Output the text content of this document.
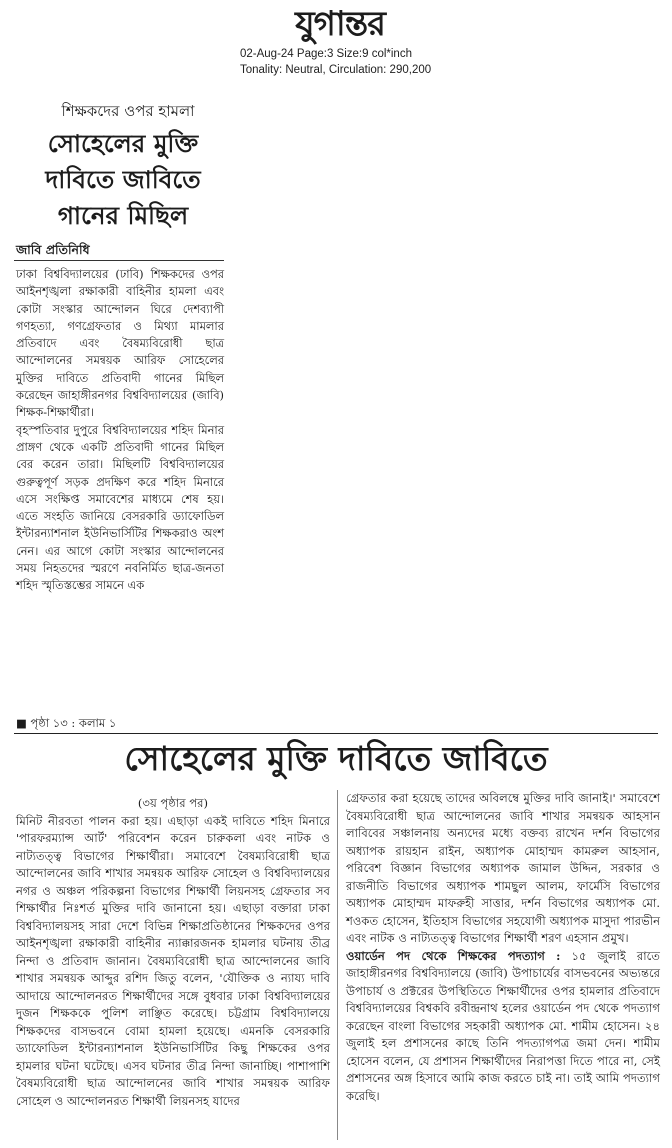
যুগান্তর
02-Aug-24 Page:3 Size:9 col*inch
Tonality: Neutral, Circulation: 290,200
শিক্ষকদের ওপর হামলা
সোহেলের মুক্তি
দাবিতে জাবিতে
গানের মিছিল
জাবি প্রতিনিধি

ঢাকা বিশ্ববিদ্যালয়ের (ঢাবি) শিক্ষকদের ওপর আইনশৃঙ্খলা রক্ষাকারী বাহিনীর হামলা এবং কোটা সংস্কার আন্দোলন ঘিরে দেশব্যাপী গণহত্যা, গণগ্রেফতার ও মিথ্যা মামলার প্রতিবাদে এবং বৈষম্যবিরোধী ছাত্র আন্দোলনের সমন্বয়ক আরিফ সোহেলের মুক্তির দাবিতে প্রতিবাদী গানের মিছিল করেছেন জাহাঙ্গীরনগর বিশ্ববিদ্যালয়ের (জাবি) শিক্ষক-শিক্ষার্থীরা।

বৃহস্পতিবার দুপুরে বিশ্ববিদ্যালয়ের শহিদ মিনার প্রাঙ্গণ থেকে একটি প্রতিবাদী গানের মিছিল বের করেন তারা। মিছিলটি বিশ্ববিদ্যালয়ের গুরুত্বপূর্ণ সড়ক প্রদক্ষিণ করে শহিদ মিনারে এসে সংক্ষিপ্ত সমাবেশের মাধ্যমে শেষ হয়। এতে সংহতি জানিয়ে বেসরকারি ড্যাফোডিল ইন্টারন্যাশনাল ইউনিভার্সিটির শিক্ষকরাও অংশ নেন। এর আগে কোটা সংস্কার আন্দোলনের সময় নিহতদের স্মরণে নবনির্মিত ছাত্র-জনতা শহিদ স্মৃতিস্তম্ভের সামনে এক

■ পৃষ্ঠা ১৩ : কলাম ১
সোহেলের মুক্তি দাবিতে জাবিতে

(৩য় পৃষ্ঠার পর)

মিনিট নীরবতা পালন করা হয়। এছাড়া একই দাবিতে শহিদ মিনারে 'পারফরম্যান্স আর্ট' পরিবেশন করেন চারুকলা এবং নাটক ও নাট্যতত্ত্ব বিভাগের শিক্ষার্থীরা। সমাবেশে বৈষম্যবিরোধী ছাত্র আন্দোলনের জাবি শাখার সমন্বয়ক আরিফ সোহেল ও বিশ্ববিদ্যালয়ের নগর ও অঞ্চল পরিকল্পনা বিভাগের শিক্ষার্থী লিয়নসহ গ্রেফতার সব শিক্ষার্থীর নিঃশর্ত মুক্তির দাবি জানানো হয়। এছাড়া বক্তারা ঢাকা বিশ্ববিদ্যালয়সহ সারা দেশে বিভিন্ন শিক্ষাপ্রতিষ্ঠানের শিক্ষকদের ওপর আইনশৃঙ্খলা রক্ষাকারী বাহিনীর ন্যাক্কারজনক হামলার ঘটনায় তীব্র নিন্দা ও প্রতিবাদ জানান। বৈষম্যবিরোধী ছাত্র আন্দোলনের জাবি শাখার সমন্বয়ক আব্দুর রশিদ জিতু বলেন, 'যৌক্তিক ও ন্যায্য দাবি আদায়ে আন্দোলনরত শিক্ষার্থীদের সঙ্গে বুধবার ঢাকা বিশ্ববিদ্যালয়ের দুজন শিক্ষককে পুলিশ লাঞ্ছিত করেছে। চট্টগ্রাম বিশ্ববিদ্যালয়ে শিক্ষকদের বাসভবনে বোমা হামলা হয়েছে। এমনকি বেসরকারি ড্যাফোডিল ইন্টারন্যাশনাল ইউনিভার্সিটির কিছু শিক্ষকের ওপর হামলার ঘটনা ঘটেছে। এসব ঘটনার তীব্র নিন্দা জানাচ্ছি। পাশাপাশি বৈষম্যবিরোধী ছাত্র আন্দোলনের জাবি শাখার সমন্বয়ক আরিফ সোহেল ও আন্দোলনরত শিক্ষার্থী লিয়নসহ যাদের

গ্রেফতার করা হয়েছে তাদের অবিলম্বে মুক্তির দাবি জানাই।' সমাবেশে বৈষম্যবিরোধী ছাত্র আন্দোলনের জাবি শাখার সমন্বয়ক আহসান লাবিবের সঞ্চালনায় অন্যদের মধ্যে বক্তব্য রাখেন দর্শন বিভাগের অধ্যাপক রায়হান রাইন, অধ্যাপক মোহাম্মদ কামরুল আহসান, পরিবেশ বিজ্ঞান বিভাগের অধ্যাপক জামাল উদ্দিন, সরকার ও রাজনীতি বিভাগের অধ্যাপক শামছুল আলম, ফার্মেসি বিভাগের অধ্যাপক মোহাম্মদ মাফরুহী সাত্তার, দর্শন বিভাগের অধ্যাপক মো. শওকত হোসেন, ইতিহাস বিভাগের সহযোগী অধ্যাপক মাসুদা পারভীন এবং নাটক ও নাট্যতত্ত্ব বিভাগের শিক্ষার্থী শরণ এহসান প্রমুখ।

ওয়ার্ডেন পদ থেকে শিক্ষকের পদত্যাগ : ১৫ জুলাই রাতে জাহাঙ্গীরনগর বিশ্ববিদ্যালয়ে (জাবি) উপাচার্যের বাসভবনের অভ্যন্তরে উপাচার্য ও প্রক্টরের উপস্থিতিতে শিক্ষার্থীদের ওপর হামলার প্রতিবাদে বিশ্ববিদ্যালয়ের বিশ্বকবি রবীন্দ্রনাথ হলের ওয়ার্ডেন পদ থেকে পদত্যাগ করেছেন বাংলা বিভাগের সহকারী অধ্যাপক মো. শামীম হোসেন। ২৪ জুলাই হল প্রশাসনের কাছে তিনি পদত্যাগপত্র জমা দেন। শামীম হোসেন বলেন, যে প্রশাসন শিক্ষার্থীদের নিরাপত্তা দিতে পারে না, সেই প্রশাসনের অঙ্গ হিসাবে আমি কাজ করতে চাই না। তাই আমি পদত্যাগ করেছি।
